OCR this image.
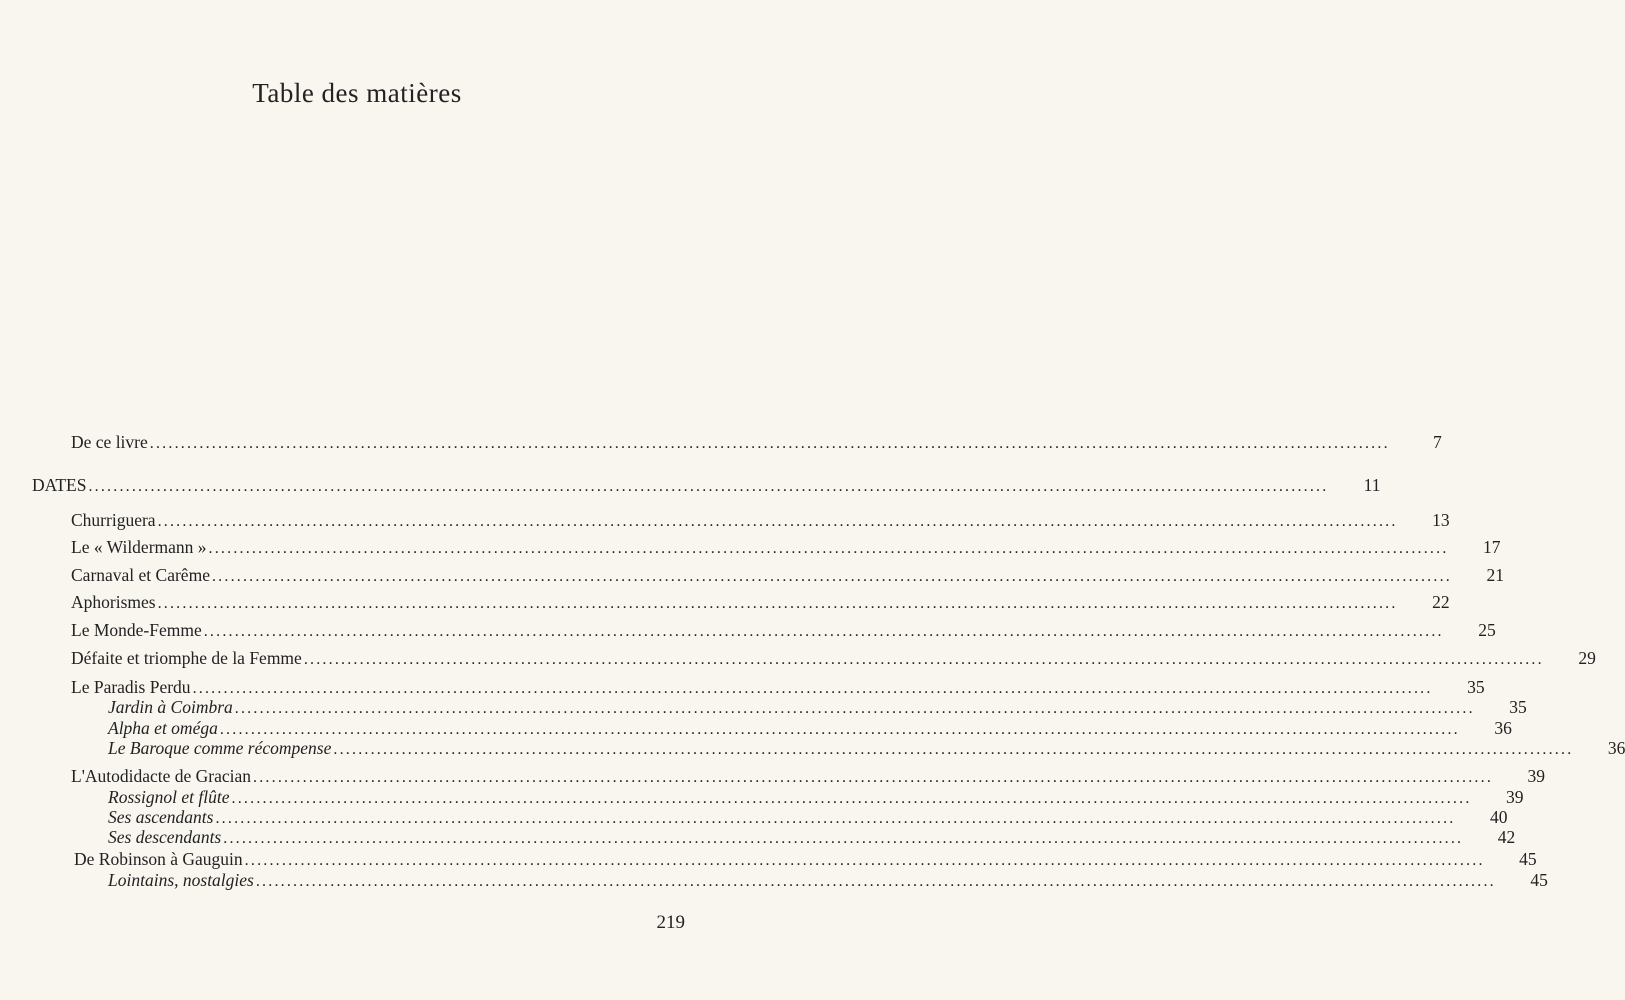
Table des matières
De ce livre ........................................................................................................................................................................................................	7
DATES ........................................................................................................................................................................................................	11
Churriguera ........................................................................................................................................................................................................	13
Le « Wildermann » ........................................................................................................................................................................................................	17
Carnaval et Carême ........................................................................................................................................................................................................	21
Aphorismes ........................................................................................................................................................................................................	22
Le Monde-Femme ........................................................................................................................................................................................................	25
Défaite et triomphe de la Femme ........................................................................................................................................................................................................	29
Le Paradis Perdu ........................................................................................................................................................................................................	35
Jardin à Coimbra ........................................................................................................................................................................................................	35
Alpha et oméga ........................................................................................................................................................................................................	36
Le Baroque comme récompense ........................................................................................................................................................................................................	36
L'Autodidacte de Gracian ........................................................................................................................................................................................................	39
Rossignol et flûte ........................................................................................................................................................................................................	39
Ses ascendants ........................................................................................................................................................................................................	40
Ses descendants ........................................................................................................................................................................................................	42
De Robinson à Gauguin ........................................................................................................................................................................................................	45
Lointains, nostalgies ........................................................................................................................................................................................................	45
219
